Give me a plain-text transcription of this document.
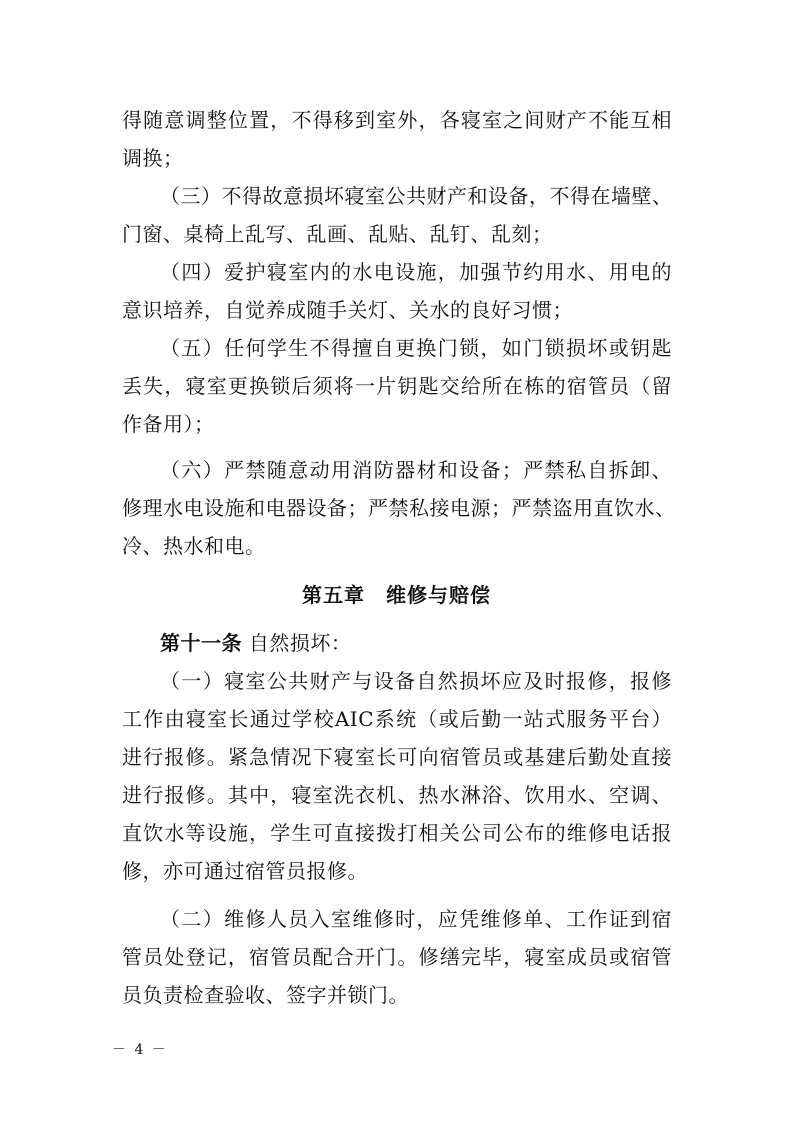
得随意调整位置，不得移到室外，各寝室之间财产不能互相
调换；
（三）不得故意损坏寝室公共财产和设备，不得在墙壁、
门窗、桌椅上乱写、乱画、乱贴、乱钉、乱刻；
（四）爱护寝室内的水电设施，加强节约用水、用电的
意识培养，自觉养成随手关灯、关水的良好习惯；
（五）任何学生不得擅自更换门锁，如门锁损坏或钥匙
丢失，寝室更换锁后须将一片钥匙交给所在栋的宿管员（留
作备用）；
（六）严禁随意动用消防器材和设备；严禁私自拆卸、
修理水电设施和电器设备；严禁私接电源；严禁盗用直饮水、
冷、热水和电。
第五章　维修与赔偿
第十一条 自然损坏：
（一）寝室公共财产与设备自然损坏应及时报修，报修
工作由寝室长通过学校AIC系统（或后勤一站式服务平台）
进行报修。紧急情况下寝室长可向宿管员或基建后勤处直接
进行报修。其中，寝室洗衣机、热水淋浴、饮用水、空调、
直饮水等设施，学生可直接拨打相关公司公布的维修电话报
修，亦可通过宿管员报修。
（二）维修人员入室维修时，应凭维修单、工作证到宿
管员处登记，宿管员配合开门。修缮完毕，寝室成员或宿管
员负责检查验收、签字并锁门。
－ 4 －
